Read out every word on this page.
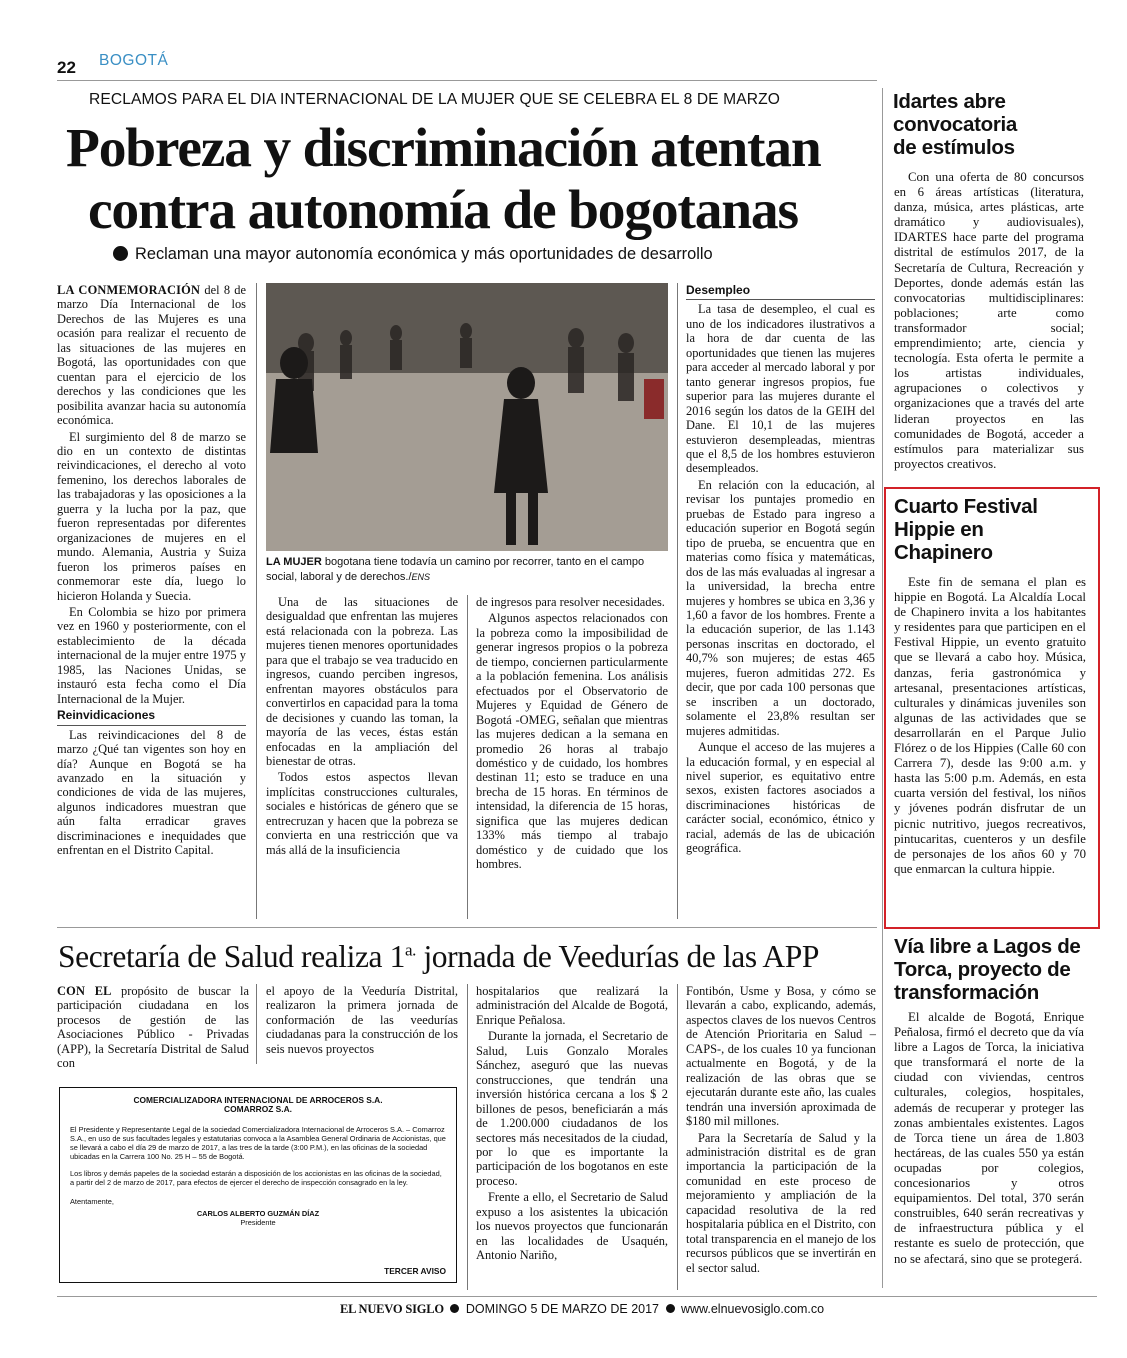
22 BOGOTÁ
RECLAMOS PARA EL DIA INTERNACIONAL DE LA MUJER QUE SE CELEBRA EL 8 DE MARZO
Pobreza y discriminación atentan
contra autonomía de bogotanas
Reclaman una mayor autonomía económica y más oportunidades de desarrollo

LA CONMEMORACIÓN del 8 de marzo Día Internacional de los Derechos de las Mujeres es una ocasión para realizar el recuento de las situaciones de las mujeres en Bogotá, las oportunidades con que cuentan para el ejercicio de los derechos y las condiciones que les posibilita avanzar hacia su autonomía económica.

El surgimiento del 8 de marzo se dio en un contexto de distintas reivindicaciones, el derecho al voto femenino, los derechos laborales de las trabajadoras y las oposiciones a la guerra y la lucha por la paz, que fueron representadas por diferentes organizaciones de mujeres en el mundo. Alemania, Austria y Suiza fueron los primeros países en conmemorar este día, luego lo hicieron Holanda y Suecia.

En Colombia se hizo por primera vez en 1960 y posteriormente, con el establecimiento de la década internacional de la mujer entre 1975 y 1985, las Naciones Unidas, se instauró esta fecha como el Día Internacional de la Mujer.

Reinvidicaciones

Las reivindicaciones del 8 de marzo ¿Qué tan vigentes son hoy en día? Aunque en Bogotá se ha avanzado en la situación y condiciones de vida de las mujeres, algunos indicadores muestran que aún falta erradicar graves discriminaciones e inequidades que enfrentan en el Distrito Capital.

LA MUJER bogotana tiene todavía un camino por recorrer, tanto en el campo social, laboral y de derechos./ENS

Una de las situaciones de desigualdad que enfrentan las mujeres está relacionada con la pobreza. Las mujeres tienen menores oportunidades para que el trabajo se vea traducido en ingresos, cuando perciben ingresos, enfrentan mayores obstáculos para convertirlos en capacidad para la toma de decisiones y cuando las toman, la mayoría de las veces, éstas están enfocadas en la ampliación del bienestar de otras.

Todos estos aspectos llevan implícitas construcciones culturales, sociales e históricas de género que se entrecruzan y hacen que la pobreza se convierta en una restricción que va más allá de la insuficiencia

de ingresos para resolver necesidades.

Algunos aspectos relacionados con la pobreza como la imposibilidad de generar ingresos propios o la pobreza de tiempo, conciernen particularmente a la población femenina. Los análisis efectuados por el Observatorio de Mujeres y Equidad de Género de Bogotá -OMEG, señalan que mientras las mujeres dedican a la semana en promedio 26 horas al trabajo doméstico y de cuidado, los hombres destinan 11; esto se traduce en una brecha de 15 horas. En términos de intensidad, la diferencia de 15 horas, significa que las mujeres dedican 133% más tiempo al trabajo doméstico y de cuidado que los hombres.

Desempleo

La tasa de desempleo, el cual es uno de los indicadores ilustrativos a la hora de dar cuenta de las oportunidades que tienen las mujeres para acceder al mercado laboral y por tanto generar ingresos propios, fue superior para las mujeres durante el 2016 según los datos de la GEIH del Dane. El 10,1 de las mujeres estuvieron desempleadas, mientras que el 8,5 de los hombres estuvieron desempleados.

En relación con la educación, al revisar los puntajes promedio en pruebas de Estado para ingreso a educación superior en Bogotá según tipo de prueba, se encuentra que en materias como física y matemáticas, dos de las más evaluadas al ingresar a la universidad, la brecha entre mujeres y hombres se ubica en 3,36 y 1,60 a favor de los hombres. Frente a la educación superior, de las 1.143 personas inscritas en doctorado, el 40,7% son mujeres; de estas 465 mujeres, fueron admitidas 272. Es decir, que por cada 100 personas que se inscriben a un doctorado, solamente el 23,8% resultan ser mujeres admitidas.

Aunque el acceso de las mujeres a la educación formal, y en especial al nivel superior, es equitativo entre sexos, existen factores asociados a discriminaciones históricas de carácter social, económico, étnico y racial, además de las de ubicación geográfica.

Idartes abre convocatoria de estímulos

Con una oferta de 80 concursos en 6 áreas artísticas (literatura, danza, música, artes plásticas, arte dramático y audiovisuales), IDARTES hace parte del programa distrital de estímulos 2017, de la Secretaría de Cultura, Recreación y Deportes, donde además están las convocatorias multidisciplinares: poblaciones; arte como transformador social; emprendimiento; arte, ciencia y tecnología. Esta oferta le permite a los artistas individuales, agrupaciones o colectivos y organizaciones que a través del arte lideran proyectos en las comunidades de Bogotá, acceder a estímulos para materializar sus proyectos creativos.

Cuarto Festival Hippie en Chapinero

Este fin de semana el plan es hippie en Bogotá. La Alcaldía Local de Chapinero invita a los habitantes y residentes para que participen en el Festival Hippie, un evento gratuito que se llevará a cabo hoy. Música, danzas, feria gastronómica y artesanal, presentaciones artísticas, culturales y dinámicas juveniles son algunas de las actividades que se desarrollarán en el Parque Julio Flórez o de los Hippies (Calle 60 con Carrera 7), desde las 9:00 a.m. y hasta las 5:00 p.m. Además, en esta cuarta versión del festival, los niños y jóvenes podrán disfrutar de un picnic nutritivo, juegos recreativos, pintucaritas, cuenteros y un desfile de personajes de los años 60 y 70 que enmarcan la cultura hippie.

Vía libre a Lagos de Torca, proyecto de transformación

El alcalde de Bogotá, Enrique Peñalosa, firmó el decreto que da vía libre a Lagos de Torca, la iniciativa que transformará el norte de la ciudad con viviendas, centros culturales, colegios, hospitales, además de recuperar y proteger las zonas ambientales existentes. Lagos de Torca tiene un área de 1.803 hectáreas, de las cuales 550 ya están ocupadas por colegios, concesionarios y otros equipamientos. Del total, 370 serán construibles, 640 serán recreativas y de infraestructura pública y el restante es suelo de protección, que no se afectará, sino que se protegerá.

Secretaría de Salud realiza $1^{a.}$ jornada de Veedurías de las APP

CON EL propósito de buscar la participación ciudadana en los procesos de gestión de las Asociaciones Público - Privadas (APP), la Secretaría Distrital de Salud con

el apoyo de la Veeduría Distrital, realizaron la primera jornada de conformación de las veedurías ciudadanas para la construcción de los seis nuevos proyectos

hospitalarios que realizará la administración del Alcalde de Bogotá, Enrique Peñalosa.

Durante la jornada, el Secretario de Salud, Luis Gonzalo Morales Sánchez, aseguró que las nuevas construcciones, que tendrán una inversión histórica cercana a los $ 2 billones de pesos, beneficiarán a más de 1.200.000 ciudadanos de los sectores más necesitados de la ciudad, por lo que es importante la participación de los bogotanos en este proceso.

Frente a ello, el Secretario de Salud expuso a los asistentes la ubicación los nuevos proyectos que funcionarán en las localidades de Usaquén, Antonio Nariño,

Fontibón, Usme y Bosa, y cómo se llevarán a cabo, explicando, además, aspectos claves de los nuevos Centros de Atención Prioritaria en Salud –CAPS-, de los cuales 10 ya funcionan actualmente en Bogotá, y de la realización de las obras que se ejecutarán durante este año, las cuales tendrán una inversión aproximada de $180 mil millones.

Para la Secretaría de Salud y la administración distrital es de gran importancia la participación de la comunidad en este proceso de mejoramiento y ampliación de la capacidad resolutiva de la red hospitalaria pública en el Distrito, con total transparencia en el manejo de los recursos públicos que se invertirán en el sector salud.

COMERCIALIZADORA INTERNACIONAL DE ARROCEROS S.A.
COMARROZ S.A.
El Presidente y Representante Legal de la sociedad Comercializadora Internacional de Arroceros S.A. – Comarroz S.A., en uso de sus facultades legales y estatutarias convoca a la Asamblea General Ordinaria de Accionistas, que se llevará a cabo el día 29 de marzo de 2017, a las tres de la tarde (3:00 P.M.), en las oficinas de la sociedad ubicadas en la Carrera 100 No. 25 H – 55 de Bogotá.
Los libros y demás papeles de la sociedad estarán a disposición de los accionistas en las oficinas de la sociedad, a partir del 2 de marzo de 2017, para efectos de ejercer el derecho de inspección consagrado en la ley.
Atentamente,
CARLOS ALBERTO GUZMÁN DÍAZ
Presidente
TERCER AVISO
EL NUEVO SIGLO DOMINGO 5 DE MARZO DE 2017 www.elnuevosiglo.com.co
